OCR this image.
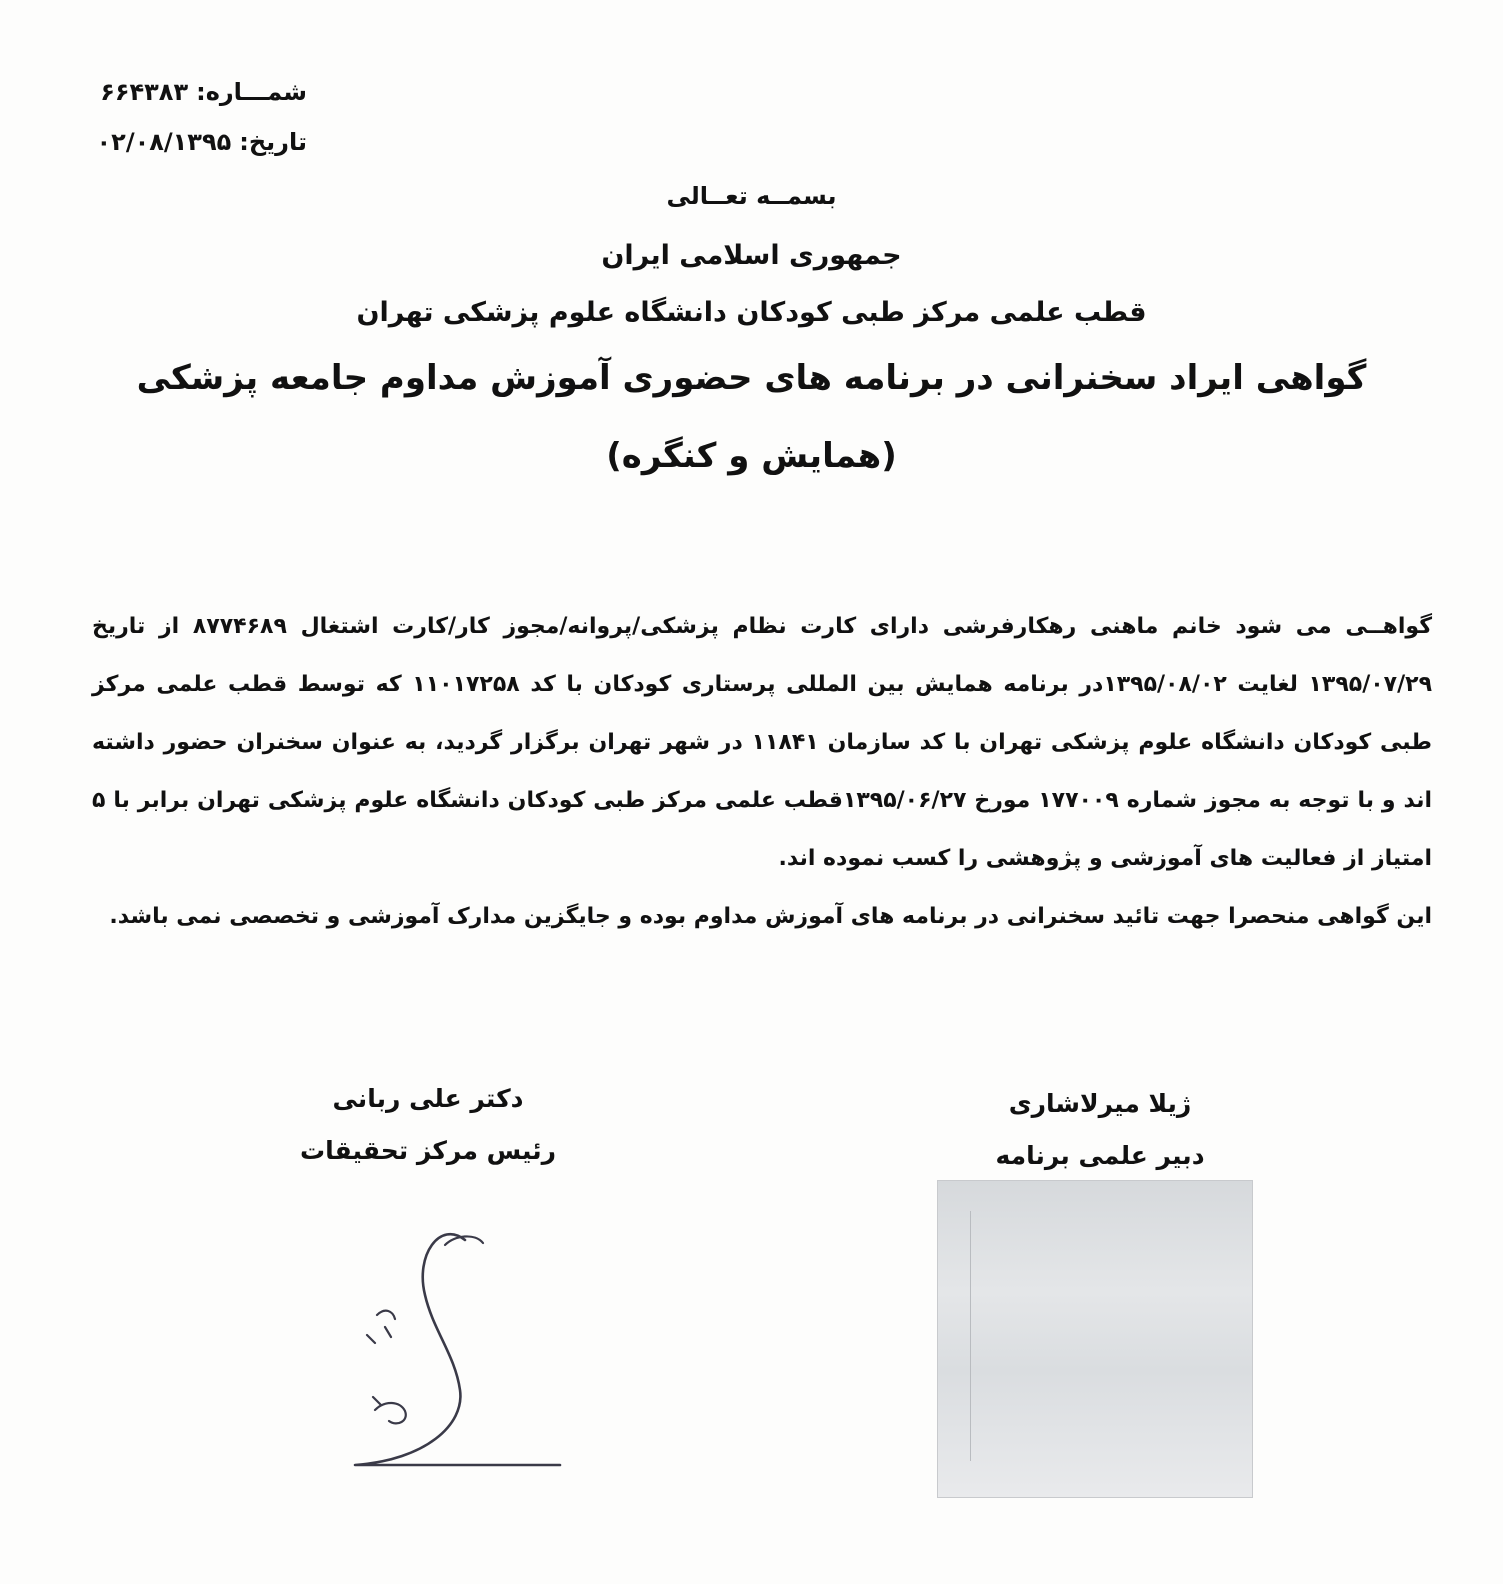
شمـــاره:۶۶۴۳۸۳
تاریخ:۰۲/۰۸/۱۳۹۵
بسمــه تعــالی
جمهوری اسلامی ایران
قطب علمی مرکز طبی کودکان دانشگاه علوم پزشکی تهران
گواهی ایراد سخنرانی در برنامه های حضوری آموزش مداوم جامعه پزشکی
(همایش و کنگره)

گواهــی می شود خانم ماهنی رهکارفرشی دارای کارت نظام پزشکی/پروانه/مجوز کار/کارت اشتغال ۸۷۷۴۶۸۹ از تاریخ ۱۳۹۵/۰۷/۲۹ لغایت ۱۳۹۵/۰۸/۰۲در برنامه همایش بین المللی پرستاری کودکان با کد ۱۱۰۱۷۲۵۸ که توسط قطب علمی مرکز طبی کودکان دانشگاه علوم پزشکی تهران با کد سازمان ۱۱۸۴۱ در شهر تهران برگزار گردید، به عنوان سخنران حضور داشته اند و با توجه به مجوز شماره ۱۷۷۰۰۹ مورخ ۱۳۹۵/۰۶/۲۷قطب علمی مرکز طبی کودکان دانشگاه علوم پزشکی تهران برابر با ۵ امتیاز از فعالیت های آموزشی و پژوهشی را کسب نموده اند.

این گواهی منحصرا جهت تائید سخنرانی در برنامه های آموزش مداوم بوده و جایگزین مدارک آموزشی و تخصصی نمی باشد.

ژیلا میرلاشاری
دبیر علمی برنامه
دکتر علی ربانی
رئیس مرکز تحقیقات
